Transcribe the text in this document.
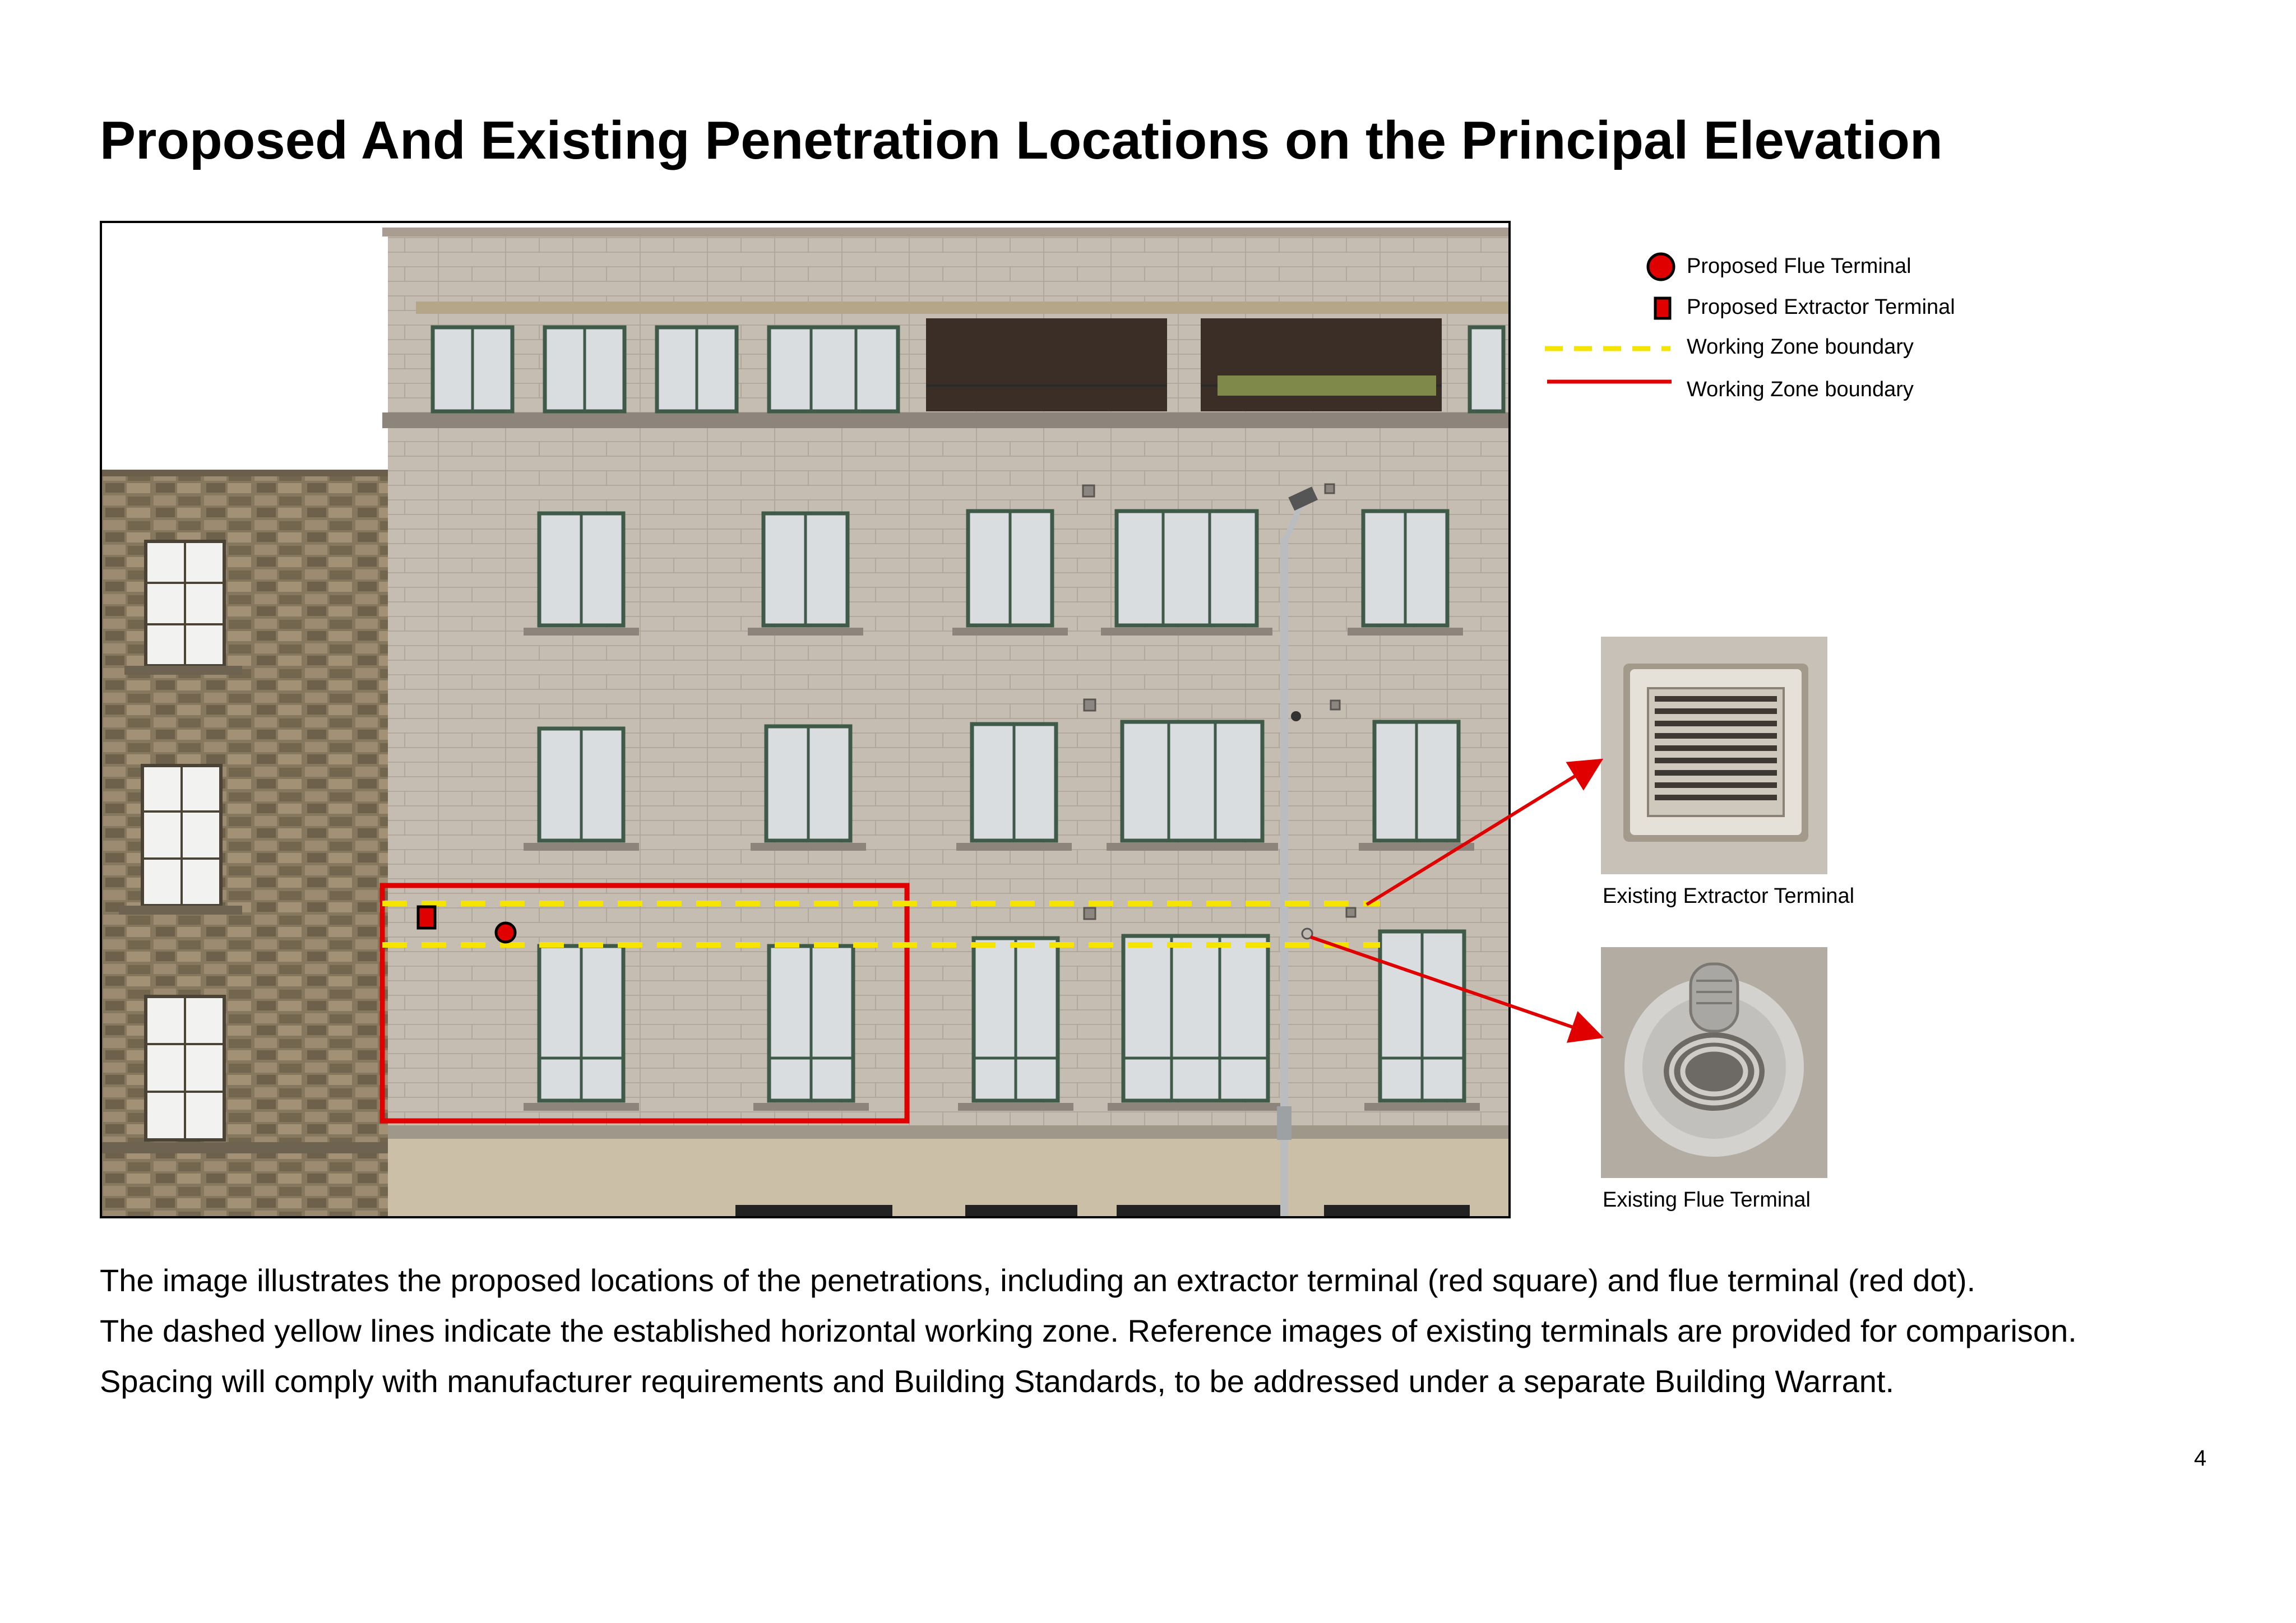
Proposed And Existing Penetration Locations on the Principal Elevation
Proposed Flue Terminal
Proposed Extractor Terminal
Working Zone boundary
Working Zone boundary
Existing Extractor Terminal
Existing Flue Terminal
The image illustrates the proposed locations of the penetrations, including an extractor terminal (red square) and flue terminal (red dot).
The dashed yellow lines indicate the established horizontal working zone. Reference images of existing terminals are provided for comparison.
Spacing will comply with manufacturer requirements and Building Standards, to be addressed under a separate Building Warrant.
4
